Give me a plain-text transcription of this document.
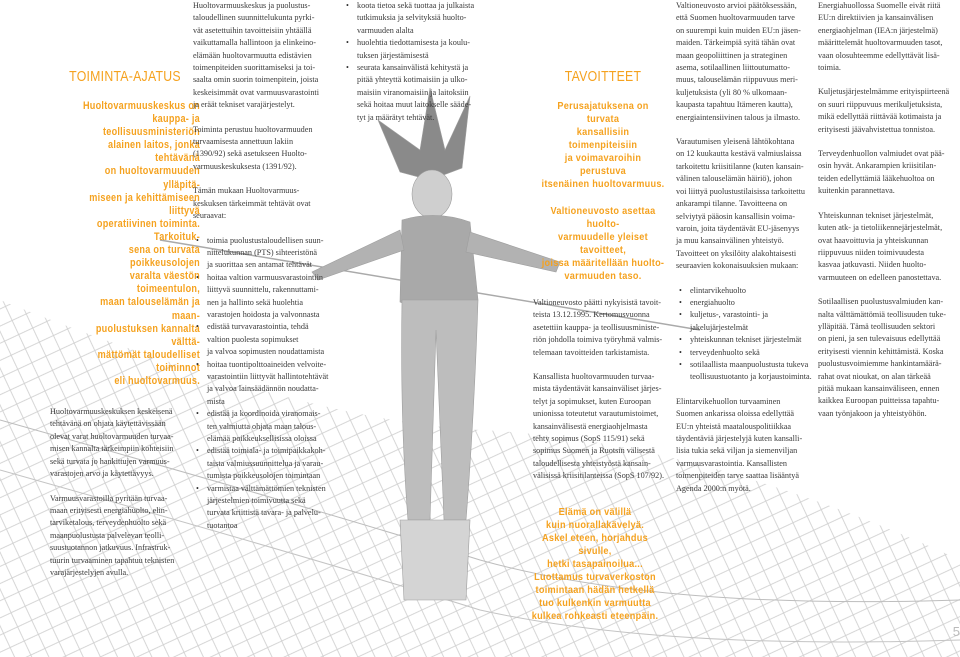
TOIMINTA-AJATUS
Huoltovarmuuskeskus on
kauppa- ja teollisuusministeriön
alainen laitos, jonka tehtävänä
on huoltovarmuuden ylläpitä-
miseen ja kehittämiseen liittyvä
operatiivinen toiminta. Tarkoituk-
sena on turvata poikkeusolojen
varalta väestön toimeentulon,
maan talouselämän ja maan-
puolustuksen kannalta välttä-
mättömät taloudelliset toiminnot
eli huoltovarmuus.

Huoltovarmuuskeskuksen keskeisenä
tehtävänä on ohjata käytettävissään
olevat varat huoltovarmuuden turvaa-
misen kannalta tärkeimpiin kohteisiin
sekä turvata jo hankittujen varmuus-
varastojen arvo ja käytettävyys.

Varmuusvarastoilla pyritään turvaa-
maan erityisesti energiahuolto, elin-
tarviketalous, terveydenhuolto sekä
maanpuolustusta palvelevan teolli-
suustuotannon jatkuvuus. Infrastruk-
tuurin turvaaminen tapahtuu teknisten
varajärjestelyjen avulla.

Huoltovarmuuskeskus ja puolustus-
taloudellinen suunnittelukunta pyrki-
vät asetettuihin tavoitteisiin yhtäällä
vaikuttamalla hallintoon ja elinkeino-
elämään huoltovarmuutta edistävien
toimenpiteiden suorittamiseksi ja toi-
saalta omin suorin toimenpitein, joista
keskeisimmät ovat varmuusvarastointi
ja eräät tekniset varajärjestelyt.

Toiminta perustuu huoltovarmuuden
turvaamisesta annettuun lakiin
(1390/92) sekä asetukseen Huolto-
varmuuskeskuksesta (1391/92).

Tämän mukaan Huoltovarmuus-
keskuksen tärkeimmät tehtävät ovat
seuraavat:

• toimia puolustustaloudellisen suun-
nittelukunnan (PTS) sihteeristönä
ja suorittaa sen antamat tehtävät
• hoitaa valtion varmuusvarastointiin
liittyvä suunnittelu, rakennuttami-
nen ja hallinto sekä huolehtia
varastojen hoidosta ja valvonnasta
• edistää turvavarastointia, tehdä
valtion puolesta sopimukset
ja valvoa sopimusten noudattamista
• hoitaa tuontipolttoaineiden velvoite-
varastointiin liittyvät hallintotehtävät
ja valvoa lainsäädännön noudatta-
mista
• edistää ja koordinoida viranomais-
ten valmiutta ohjata maan talous-
elämää poikkeuksellisissa oloissa
• edistää toimiala- ja toimipaikkakoh-
taista valmiussuunnittelua ja varau-
tumista poikkeusolojen toimintaan
• varmistaa välttämättömien teknisten
järjestelmien toimivuutta sekä
turvata kriittistä tavara- ja palvelu-
tuotantoa
• koota tietoa sekä tuottaa ja julkaista
tutkimuksia ja selvityksiä huolto-
varmuuden alalta
• huolehtia tiedottamisesta ja koulu-
tuksen järjestämisestä
• seurata kansainvälistä kehitystä ja
pitää yhteyttä kotimaisiin ja ulko-
maisiin viranomaisiin ja laitoksiin
sekä hoitaa muut laitokselle sääde-
tyt ja määrätyt tehtävät.
TAVOITTEET
Perusajatuksena on turvata
kansallisiin toimenpiteisiin
ja voimavaroihin perustuva
itsenäinen huoltovarmuus.
Valtioneuvosto asettaa huolto-
varmuudelle yleiset tavoitteet,
joissa määritellään huolto-
varmuuden taso.

Valtioneuvosto päätti nykyisistä tavoit-
teista 13.12.1995. Kertomusvuonna
asetettiin kauppa- ja teollisuusministe-
riön johdolla toimiva työryhmä valmis-
telemaan tavoitteiden tarkistamista.

Kansallista huoltovarmuuden turvaa-
mista täydentävät kansainväliset järjes-
telyt ja sopimukset, kuten Euroopan
unionissa toteutetut varautumistoimet,
kansainvälisestä energiaohjelmasta
tehty sopimus (SopS 115/91) sekä
sopimus Suomen ja Ruotsin välisestä
taloudellisesta yhteistyöstä kansain-
välisissä kriisitilanteissa (SopS 107/92).

Elämä on välillä
kuin nuorallakävelyä.
Askel eteen, horjahdus sivulle,
hetki tasapainoilua...
Luottamus turvaverkoston
toimintaan hädän hetkellä
tuo kulkenkin varmuutta
kulkea rohkeasti eteenpäin.

Valtioneuvosto arvioi päätöksessään,
että Suomen huoltovarmuuden tarve
on suurempi kuin muiden EU:n jäsen-
maiden. Tärkeimpiä syitä tähän ovat
maan geopoliittinen ja strateginen
asema, sotilaallinen liittoutumatto-
muus, talouselämän riippuvuus meri-
kuljetuksista (yli 80 % ulkomaan-
kaupasta tapahtuu Itämeren kautta),
energiaintensiivinen talous ja ilmasto.

Varautumisen yleisenä lähtökohtana
on 12 kuukautta kestävä valmiuslaissa
tarkoitettu kriisitilanne (kuten kansain-
välinen talouselämän häiriö), johon
voi liittyä puolustustilaisissa tarkoitettu
ankarampi tilanne. Tavoitteena on
selviytyä pääosin kansallisin voima-
varoin, joita täydentävät EU-jäsenyys
ja muu kansainvälinen yhteistyö.
Tavoitteet on yksilöity alakohtaisesti
seuraavien kokonaisuuksien mukaan:

• elintarvikehuolto
• energiahuolto
• kuljetus-, varastointi- ja
jakelujärjestelmät
• yhteiskunnan tekniset järjestelmät
• terveydenhuolto sekä
• sotilaallista maanpuolustusta tukeva
teollisuustuotanto ja korjaustoiminta.

Elintarvikehuollon turvaaminen
Suomen ankarissa oloissa edellyttää
EU:n yhteistä maatalouspolitiikkaa
täydentäviä järjestelyjä kuten kansalli-
lisia tukia sekä viljan ja siemenviljan
varmuusvarastointia. Kansallisten
toimenpiteiden tarve saattaa lisääntyä
Agenda 2000:n myötä.

Energiahuollossa Suomelle eivät riitä
EU:n direktiivien ja kansainvälisen
energiaohjelman (IEA:n järjestelmä)
määrittelemät huoltovarmuuden tasot,
vaan olosuhteemme edellyttävät lisä-
toimia.

Kuljetusjärjestelmämme erityispiirteenä
on suuri riippuvuus merikuljetuksista,
mikä edellyttää riittävää kotimaista ja
erityisesti jäävahvistettua tonnistoa.

Terveydenhuollon valmiudet ovat pää-
osin hyvät. Ankarampien kriisitilan-
teiden edellyttämiä lääkehuoltoa on
kuitenkin parannettava.

Yhteiskunnan tekniset järjestelmät,
kuten atk- ja tietoliikennejärjestelmät,
ovat haavoittuvia ja yhteiskunnan
riippuvuus niiden toimivuudesta
kasvaa jatkuvasti. Niiden huolto-
varmuuteen on edelleen panostettava.

Sotilaallisen puolustusvalmiuden kan-
nalta välttämättömiä teollisuuden tuke-
ylläpitää. Tämä teollisuuden sektori
on pieni, ja sen tulevaisuus edellyttää
erityisesti viennin kehittämistä. Koska
puolustusvoimiemme hankintamäärä-
rahat ovat nioukat, on alan tärkeää
pitää mukaan kansainväliseen, ennen
kaikkea Euroopan puitteissa tapahtu-
vaan työnjakoon ja yhteistyöhön.

5
